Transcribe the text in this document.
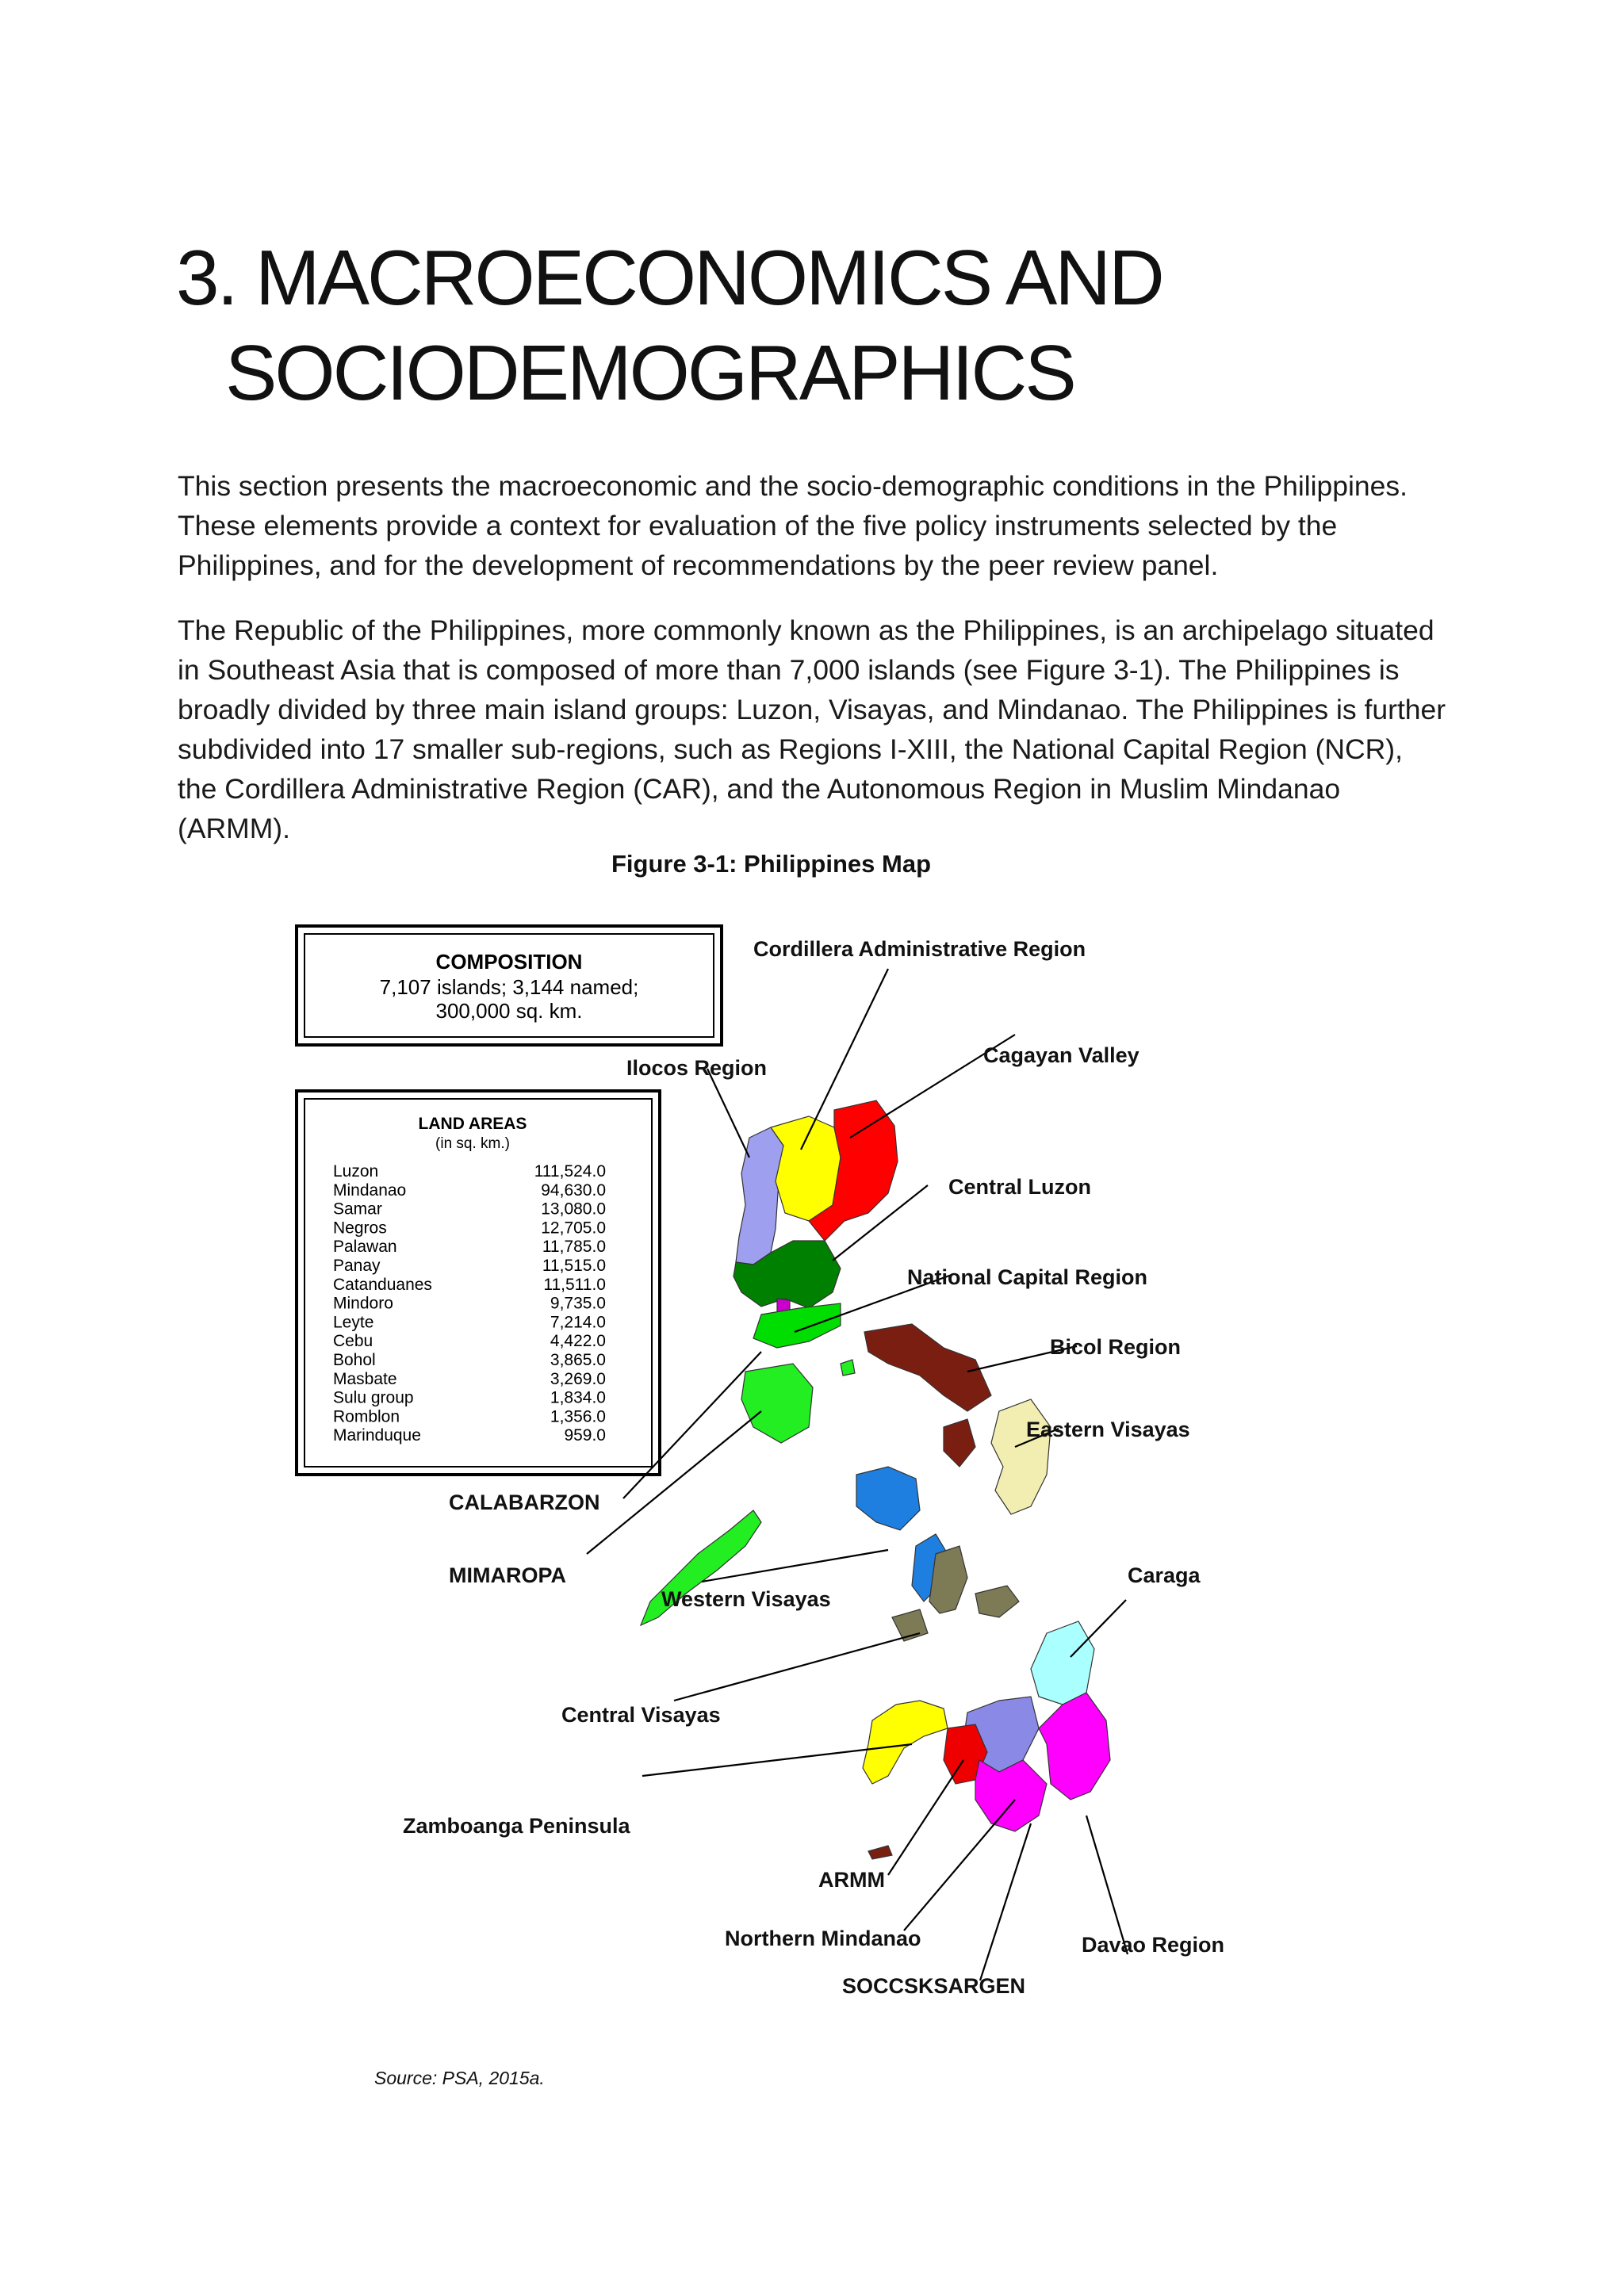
3. MACROECONOMICS AND
SOCIODEMOGRAPHICS

This section presents the macroeconomic and the socio-demographic conditions in the Philippines. These elements provide a context for evaluation of the five policy instruments selected by the Philippines, and for the development of recommendations by the peer review panel.

The Republic of the Philippines, more commonly known as the Philippines, is an archipelago situated in Southeast Asia that is composed of more than 7,000 islands (see Figure 3-1). The Philippines is broadly divided by three main island groups: Luzon, Visayas, and Mindanao. The Philippines is further subdivided into 17 smaller sub-regions, such as Regions I-XIII, the National Capital Region (NCR), the Cordillera Administrative Region (CAR), and the Autonomous Region in Muslim Mindanao (ARMM).

Figure 3-1: Philippines Map

COMPOSITION
7,107 islands; 3,144 named;
300,000 sq. km.
LAND AREAS
(in sq. km.)
Luzon	111,524.0
Mindanao	94,630.0
Samar	13,080.0
Negros	12,705.0
Palawan	11,785.0
Panay	11,515.0
Catanduanes	11,511.0
Mindoro	9,735.0
Leyte	7,214.0
Cebu	4,422.0
Bohol	3,865.0
Masbate	3,269.0
Sulu group	1,834.0
Romblon	1,356.0
Marinduque	959.0
Cordillera Administrative Region
Cagayan Valley
Ilocos Region
Central Luzon
National Capital Region
Bicol Region
Eastern Visayas
CALABARZON
MIMAROPA
Western Visayas
Caraga
Central Visayas
Zamboanga Peninsula
ARMM
Northern Mindanao	Davao Region
SOCCSKSARGEN

Source: PSA, 2015a.
